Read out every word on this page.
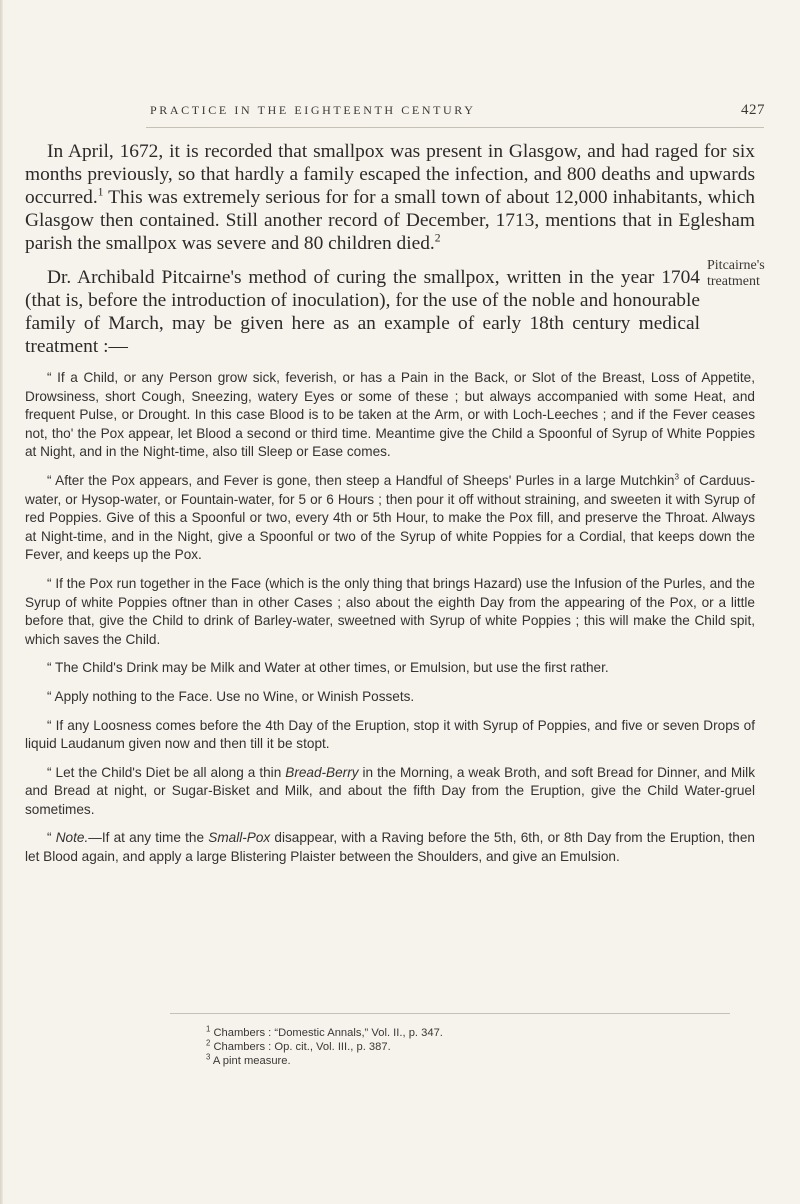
PRACTICE IN THE EIGHTEENTH CENTURY	427
Pitcairne's
treatment

In April, 1672, it is recorded that smallpox was present in Glasgow, and had raged for six months previously, so that hardly a family escaped the infection, and 800 deaths and upwards occurred.$^1$ This was extremely serious for for a small town of about 12,000 inhabitants, which Glasgow then contained. Still another record of December, 1713, mentions that in Eglesham parish the smallpox was severe and 80 children died.$^2$

Dr. Archibald Pitcairne's method of curing the smallpox, written in the year 1704 (that is, before the introduction of inoculation), for the use of the noble and honourable family of March, may be given here as an example of early 18th century medical treatment :—

“ If a Child, or any Person grow sick, feverish, or has a Pain in the Back, or Slot of the Breast, Loss of Appetite, Drowsiness, short Cough, Sneezing, watery Eyes or some of these ; but always accompanied with some Heat, and frequent Pulse, or Drought. In this case Blood is to be taken at the Arm, or with Loch-Leeches ; and if the Fever ceases not, tho' the Pox appear, let Blood a second or third time. Meantime give the Child a Spoonful of Syrup of White Poppies at Night, and in the Night-time, also till Sleep or Ease comes.

“ After the Pox appears, and Fever is gone, then steep a Handful of Sheeps' Purles in a large Mutchkin$^3$ of Carduus-water, or Hysop-water, or Fountain-water, for 5 or 6 Hours ; then pour it off without straining, and sweeten it with Syrup of red Poppies. Give of this a Spoonful or two, every 4th or 5th Hour, to make the Pox fill, and preserve the Throat. Always at Night-time, and in the Night, give a Spoonful or two of the Syrup of white Poppies for a Cordial, that keeps down the Fever, and keeps up the Pox.

“ If the Pox run together in the Face (which is the only thing that brings Hazard) use the Infusion of the Purles, and the Syrup of white Poppies oftner than in other Cases ; also about the eighth Day from the appearing of the Pox, or a little before that, give the Child to drink of Barley-water, sweetned with Syrup of white Poppies ; this will make the Child spit, which saves the Child.

“ The Child's Drink may be Milk and Water at other times, or Emulsion, but use the first rather.

“ Apply nothing to the Face. Use no Wine, or Winish Possets.

“ If any Loosness comes before the 4th Day of the Eruption, stop it with Syrup of Poppies, and five or seven Drops of liquid Laudanum given now and then till it be stopt.

“ Let the Child's Diet be all along a thin Bread-Berry in the Morning, a weak Broth, and soft Bread for Dinner, and Milk and Bread at night, or Sugar-Bisket and Milk, and about the fifth Day from the Eruption, give the Child Water-gruel sometimes.

“ Note.—If at any time the Small-Pox disappear, with a Raving before the 5th, 6th, or 8th Day from the Eruption, then let Blood again, and apply a large Blistering Plaister between the Shoulders, and give an Emulsion.

$^1$ Chambers : “Domestic Annals,” Vol. II., p. 347.

$^2$ Chambers : Op. cit., Vol. III., p. 387.

$^3$ A pint measure.
